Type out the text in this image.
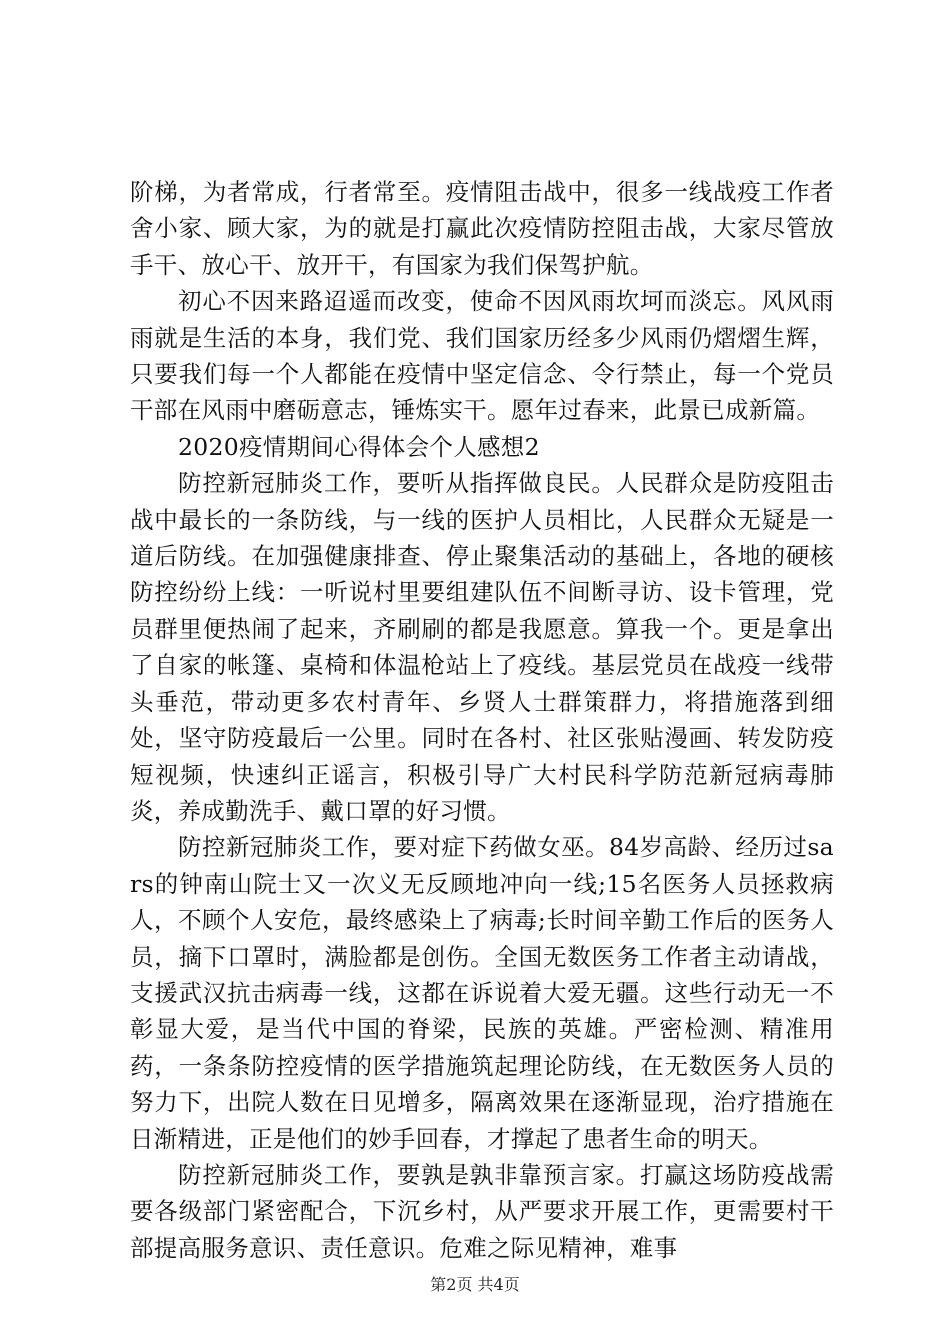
阶梯，为者常成，行者常至。疫情阻击战中，很多一线战疫工作者舍小家、顾大家，为的就是打赢此次疫情防控阻击战，大家尽管放手干、放心干、放开干，有国家为我们保驾护航。

初心不因来路迢遥而改变，使命不因风雨坎坷而淡忘。风风雨雨就是生活的本身，我们党、我们国家历经多少风雨仍熠熠生辉，只要我们每一个人都能在疫情中坚定信念、令行禁止，每一个党员干部在风雨中磨砺意志，锤炼实干。愿年过春来，此景已成新篇。

2020疫情期间心得体会个人感想2

防控新冠肺炎工作，要听从指挥做良民。人民群众是防疫阻击战中最长的一条防线，与一线的医护人员相比，人民群众无疑是一道后防线。在加强健康排查、停止聚集活动的基础上，各地的硬核防控纷纷上线：一听说村里要组建队伍不间断寻访、设卡管理，党员群里便热闹了起来，齐刷刷的都是我愿意。算我一个。更是拿出了自家的帐篷、桌椅和体温枪站上了疫线。基层党员在战疫一线带头垂范，带动更多农村青年、乡贤人士群策群力，将措施落到细处，坚守防疫最后一公里。同时在各村、社区张贴漫画、转发防疫短视频，快速纠正谣言，积极引导广大村民科学防范新冠病毒肺炎，养成勤洗手、戴口罩的好习惯。

防控新冠肺炎工作，要对症下药做女巫。84岁高龄、经历过sars的钟南山院士又一次义无反顾地冲向一线;15名医务人员拯救病人，不顾个人安危，最终感染上了病毒;长时间辛勤工作后的医务人员，摘下口罩时，满脸都是创伤。全国无数医务工作者主动请战，支援武汉抗击病毒一线，这都在诉说着大爱无疆。这些行动无一不彰显大爱，是当代中国的脊梁，民族的英雄。严密检测、精准用药，一条条防控疫情的医学措施筑起理论防线，在无数医务人员的努力下，出院人数在日见增多，隔离效果在逐渐显现，治疗措施在日渐精进，正是他们的妙手回春，才撑起了患者生命的明天。

防控新冠肺炎工作，要孰是孰非靠预言家。打赢这场防疫战需要各级部门紧密配合，下沉乡村，从严要求开展工作，更需要村干部提高服务意识、责任意识。危难之际见精神，难事

第2页 共4页
